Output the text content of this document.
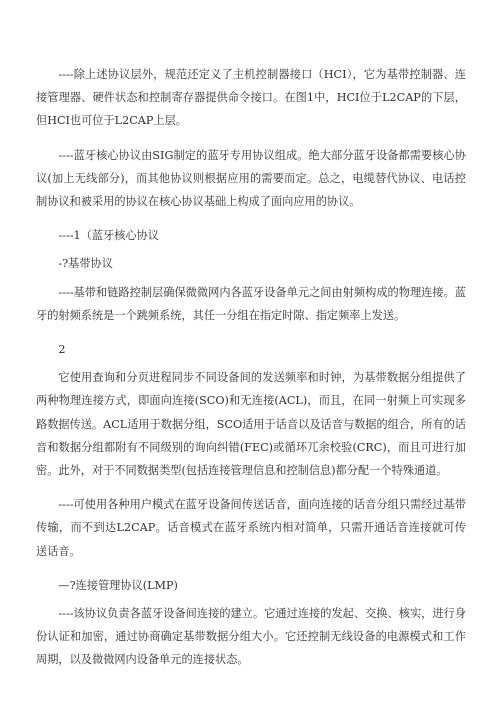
----除上述协议层外，规范还定义了主机控制器接口（HCI），它为基带控制器、连接管理器、硬件状态和控制寄存器提供命令接口。在图1中，HCI位于L2CAP的下层，但HCI也可位于L2CAP上层。

----蓝牙核心协议由SIG制定的蓝牙专用协议组成。绝大部分蓝牙设备都需要核心协议(加上无线部分)，而其他协议则根据应用的需要而定。总之，电缆替代协议、电话控制协议和被采用的协议在核心协议基础上构成了面向应用的协议。

----1（蓝牙核心协议

-?基带协议

----基带和链路控制层确保微微网内各蓝牙设备单元之间由射频构成的物理连接。蓝牙的射频系统是一个跳频系统，其任一分组在指定时隙、指定频率上发送。

2

它使用查询和分页进程同步不同设备间的发送频率和时钟，为基带数据分组提供了两种物理连接方式，即面向连接(SCO)和无连接(ACL)，而且，在同一射频上可实现多路数据传送。ACL适用于数据分组，SCO适用于话音以及话音与数据的组合，所有的话音和数据分组都附有不同级别的询向纠错(FEC)或循环兀余校验(CRC)，而且可进行加密。此外，对于不同数据类型(包括连接管理信息和控制信息)都分配一个特殊通道。

----可使用各种用户模式在蓝牙设备间传送话音，面向连接的话音分组只需经过基带传输，而不到达L2CAP。话音模式在蓝牙系统内相对简单，只需开通话音连接就可传送话音。

—?连接管理协议(LMP)

----该协议负责各蓝牙设备间连接的建立。它通过连接的发起、交换、核实，进行身份认证和加密，通过协商确定基带数据分组大小。它还控制无线设备的电源模式和工作周期，以及微微网内设备单元的连接状态。
